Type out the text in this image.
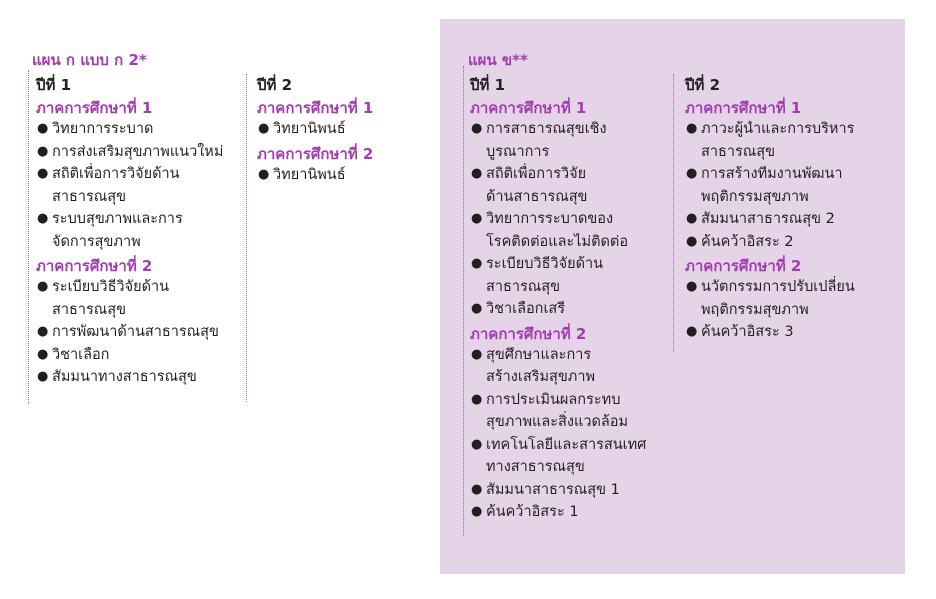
แผน ก แบบ ก 2*
ปีที่ 1
ภาคการศึกษาที่ 1
● วิทยาการระบาด
● การส่งเสริมสุขภาพแนวใหม่
● สถิติเพื่อการวิจัยด้าน
สาธารณสุข
● ระบบสุขภาพและการ
จัดการสุขภาพ
ภาคการศึกษาที่ 2
● ระเบียบวิธีวิจัยด้าน
สาธารณสุข
● การพัฒนาด้านสาธารณสุข
● วิชาเลือก
● สัมมนาทางสาธารณสุข
ปีที่ 2
ภาคการศึกษาที่ 1
● วิทยานิพนธ์
ภาคการศึกษาที่ 2
● วิทยานิพนธ์
แผน ข**
ปีที่ 1
ภาคการศึกษาที่ 1
● การสาธารณสุขเชิง
บูรณาการ
● สถิติเพื่อการวิจัย
ด้านสาธารณสุข
● วิทยาการระบาดของ
โรคติดต่อและไม่ติดต่อ
● ระเบียบวิธีวิจัยด้าน
สาธารณสุข
● วิชาเลือกเสรี
ภาคการศึกษาที่ 2
● สุขศึกษาและการ
สร้างเสริมสุขภาพ
● การประเมินผลกระทบ
สุขภาพและสิ่งแวดล้อม
● เทคโนโลยีและสารสนเทศ
ทางสาธารณสุข
● สัมมนาสาธารณสุข 1
● ค้นคว้าอิสระ 1
ปีที่ 2
ภาคการศึกษาที่ 1
● ภาวะผู้นำและการบริหาร
สาธารณสุข
● การสร้างทีมงานพัฒนา
พฤติกรรมสุขภาพ
● สัมมนาสาธารณสุข 2
● ค้นคว้าอิสระ 2
ภาคการศึกษาที่ 2
● นวัตกรรมการปรับเปลี่ยน
พฤติกรรมสุขภาพ
● ค้นคว้าอิสระ 3
